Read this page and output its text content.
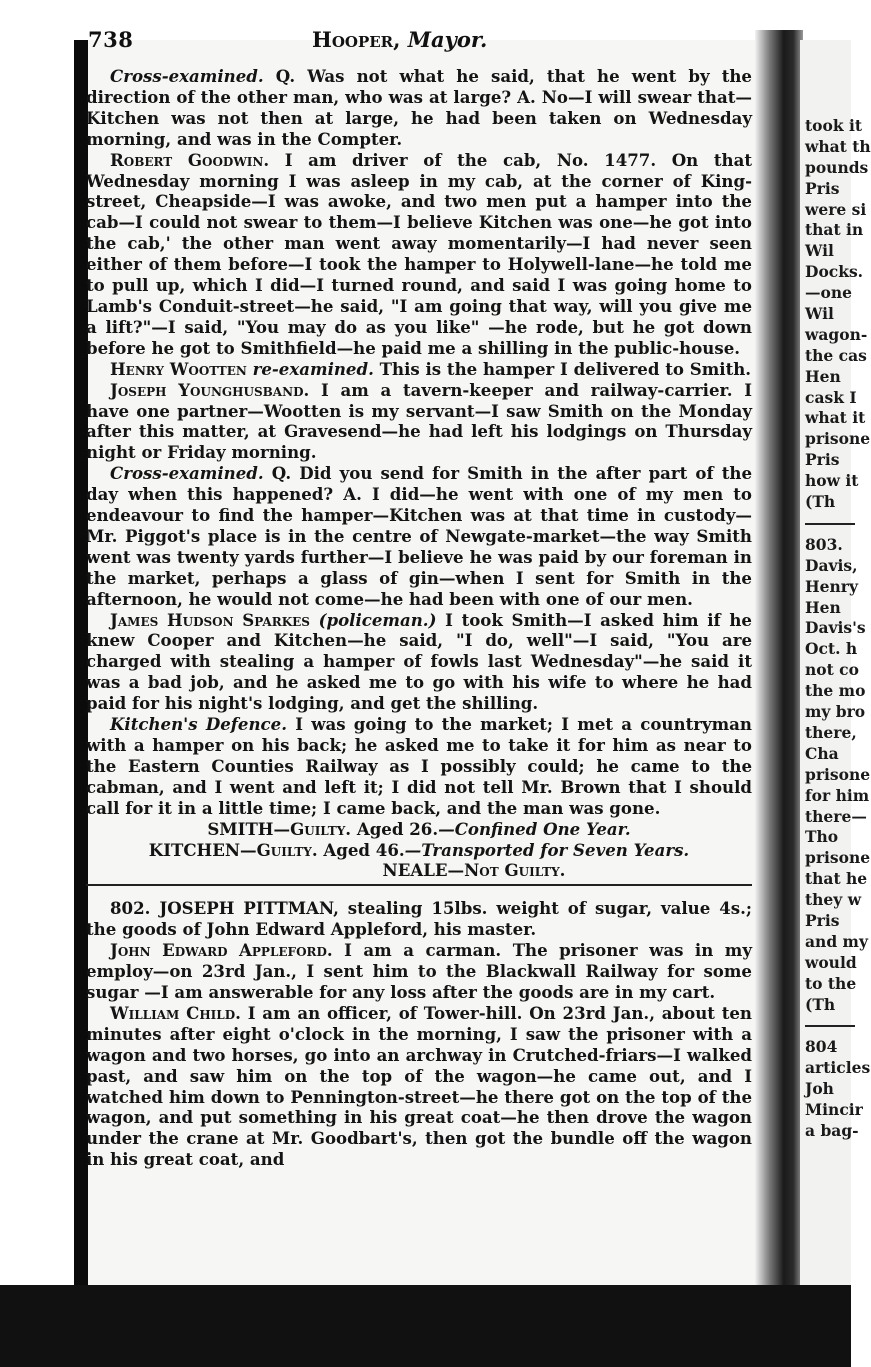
took it
what th
pounds
Pris
were si
that in
Wil
Docks.
—one
Wil
wagon-
the cas
Hen
cask I
what it
prisone
Pris
how it
(Th
803.
Davis,
Henry
Hen
Davis's
Oct. h
not co
the mo
my bro
there,
Cha
prisone
for him
there—
Tho
prisone
that he
they w
Pris
and my
would
to the
(Th
804
articles
Joh
Mincir
a bag-
738	Hooper, Mayor.

Cross-examined. Q. Was not what he said, that he went by the direction of the other man, who was at large? A. No—I will swear that—Kitchen was not then at large, he had been taken on Wednesday morning, and was in the Compter.

Robert Goodwin. I am driver of the cab, No. 1477. On that Wednesday morning I was asleep in my cab, at the corner of King-street, Cheapside—I was awoke, and two men put a hamper into the cab—I could not swear to them—I believe Kitchen was one—he got into the cab,' the other man went away momentarily—I had never seen either of them before—I took the hamper to Holywell-lane—he told me to pull up, which I did—I turned round, and said I was going home to Lamb's Conduit-street—he said, "I am going that way, will you give me a lift?"—I said, "You may do as you like" —he rode, but he got down before he got to Smithfield—he paid me a shilling in the public-house.

Henry Wootten re-examined. This is the hamper I delivered to Smith.

Joseph Younghusband. I am a tavern-keeper and railway-carrier. I have one partner—Wootten is my servant—I saw Smith on the Monday after this matter, at Gravesend—he had left his lodgings on Thursday night or Friday morning.

Cross-examined. Q. Did you send for Smith in the after part of the day when this happened? A. I did—he went with one of my men to endeavour to find the hamper—Kitchen was at that time in custody—Mr. Piggot's place is in the centre of Newgate-market—the way Smith went was twenty yards further—I believe he was paid by our foreman in the market, perhaps a glass of gin—when I sent for Smith in the afternoon, he would not come—he had been with one of our men.

James Hudson Sparkes (policeman.) I took Smith—I asked him if he knew Cooper and Kitchen—he said, "I do, well"—I said, "You are charged with stealing a hamper of fowls last Wednesday"—he said it was a bad job, and he asked me to go with his wife to where he had paid for his night's lodging, and get the shilling.

Kitchen's Defence. I was going to the market; I met a countryman with a hamper on his back; he asked me to take it for him as near to the Eastern Counties Railway as I possibly could; he came to the cabman, and I went and left it; I did not tell Mr. Brown that I should call for it in a little time; I came back, and the man was gone.

SMITH—Guilty. Aged 26.—Confined One Year.

KITCHEN—Guilty. Aged 46.—Transported for Seven Years.

NEALE—Not Guilty.

802. JOSEPH PITTMAN, stealing 15lbs. weight of sugar, value 4s.; the goods of John Edward Appleford, his master.

John Edward Appleford. I am a carman. The prisoner was in my employ—on 23rd Jan., I sent him to the Blackwall Railway for some sugar —I am answerable for any loss after the goods are in my cart.

William Child. I am an officer, of Tower-hill. On 23rd Jan., about ten minutes after eight o'clock in the morning, I saw the prisoner with a wagon and two horses, go into an archway in Crutched-friars—I walked past, and saw him on the top of the wagon—he came out, and I watched him down to Pennington-street—he there got on the top of the wagon, and put something in his great coat—he then drove the wagon under the crane at Mr. Goodbart's, then got the bundle off the wagon in his great coat, and
